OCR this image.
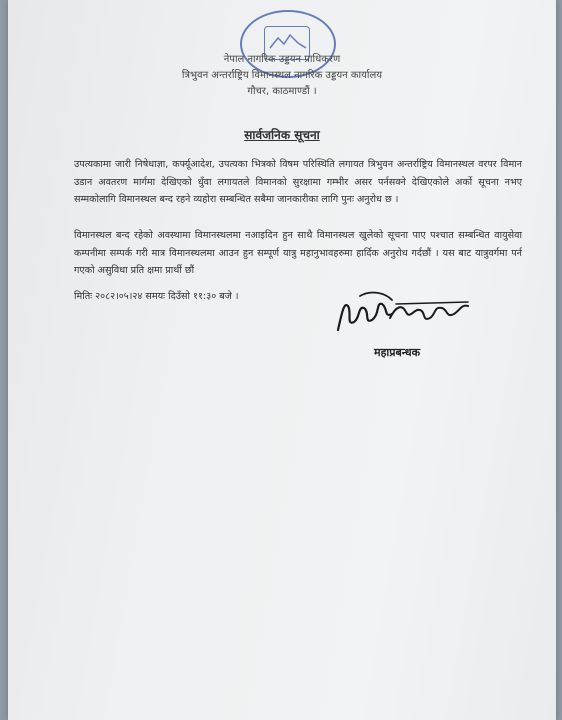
नेपाल नागरिक उड्डयन प्राधिकरण
त्रिभुवन अन्तर्राष्ट्रिय विमानस्थल नागरिक उड्डयन कार्यालय
गौचर, काठमाण्डौं ।
सार्वजनिक सूचना
उपत्यकामा जारी निषेधाज्ञा, कर्फ्यूआदेश, उपत्यका भित्रको विषम परिस्थिति लगायत त्रिभुवन अन्तर्राष्ट्रिय विमानस्थल वरपर विमान उडान अवतरण मार्गमा देखिएको धुँवा लगायतले विमानको सुरक्षामा गम्भीर असर पर्नसक्ने देखिएकोले अर्को सूचना नभए सम्मकोलागि विमानस्थल बन्द रहने व्यहोरा सम्बन्धित सबैमा जानकारीका लागि पुनः अनुरोध छ ।
विमानस्थल बन्द रहेको अवस्थामा विमानस्थलमा नआइदिन हुन साथै विमानस्थल खुलेको सूचना पाए पश्चात सम्बन्धित वायुसेवा कम्पनीमा सम्पर्क गरी मात्र विमानस्थलमा आउन हुन सम्पूर्ण यात्रु महानुभावहरुमा हार्दिक अनुरोध गर्दछौं । यस बाट यात्रुवर्गमा पर्न गएको असुविधा प्रति क्षमा प्रार्थी छौं
मितिः २०८२।०५।२४ समयः दिउँसो ११:३० बजे ।
महाप्रबन्धक
